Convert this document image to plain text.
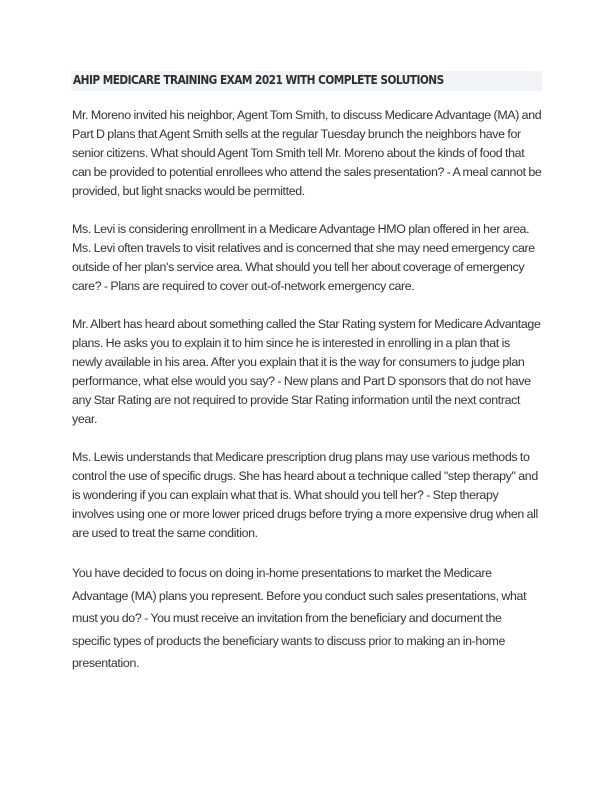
AHIP MEDICARE TRAINING EXAM 2021 WITH COMPLETE SOLUTIONS

Mr. Moreno invited his neighbor, Agent Tom Smith, to discuss Medicare Advantage (MA) and Part D plans that Agent Smith sells at the regular Tuesday brunch the neighbors have for senior citizens. What should Agent Tom Smith tell Mr. Moreno about the kinds of food that can be provided to potential enrollees who attend the sales presentation? - A meal cannot be provided, but light snacks would be permitted.

Ms. Levi is considering enrollment in a Medicare Advantage HMO plan offered in her area. Ms. Levi often travels to visit relatives and is concerned that she may need emergency care outside of her plan's service area. What should you tell her about coverage of emergency care? - Plans are required to cover out-of-network emergency care.

Mr. Albert has heard about something called the Star Rating system for Medicare Advantage plans. He asks you to explain it to him since he is interested in enrolling in a plan that is newly available in his area. After you explain that it is the way for consumers to judge plan performance, what else would you say? - New plans and Part D sponsors that do not have any Star Rating are not required to provide Star Rating information until the next contract year.

Ms. Lewis understands that Medicare prescription drug plans may use various methods to control the use of specific drugs. She has heard about a technique called "step therapy" and is wondering if you can explain what that is. What should you tell her? - Step therapy involves using one or more lower priced drugs before trying a more expensive drug when all are used to treat the same condition.

You have decided to focus on doing in-home presentations to market the Medicare Advantage (MA) plans you represent. Before you conduct such sales presentations, what must you do? - You must receive an invitation from the beneficiary and document the specific types of products the beneficiary wants to discuss prior to making an in-home presentation.
